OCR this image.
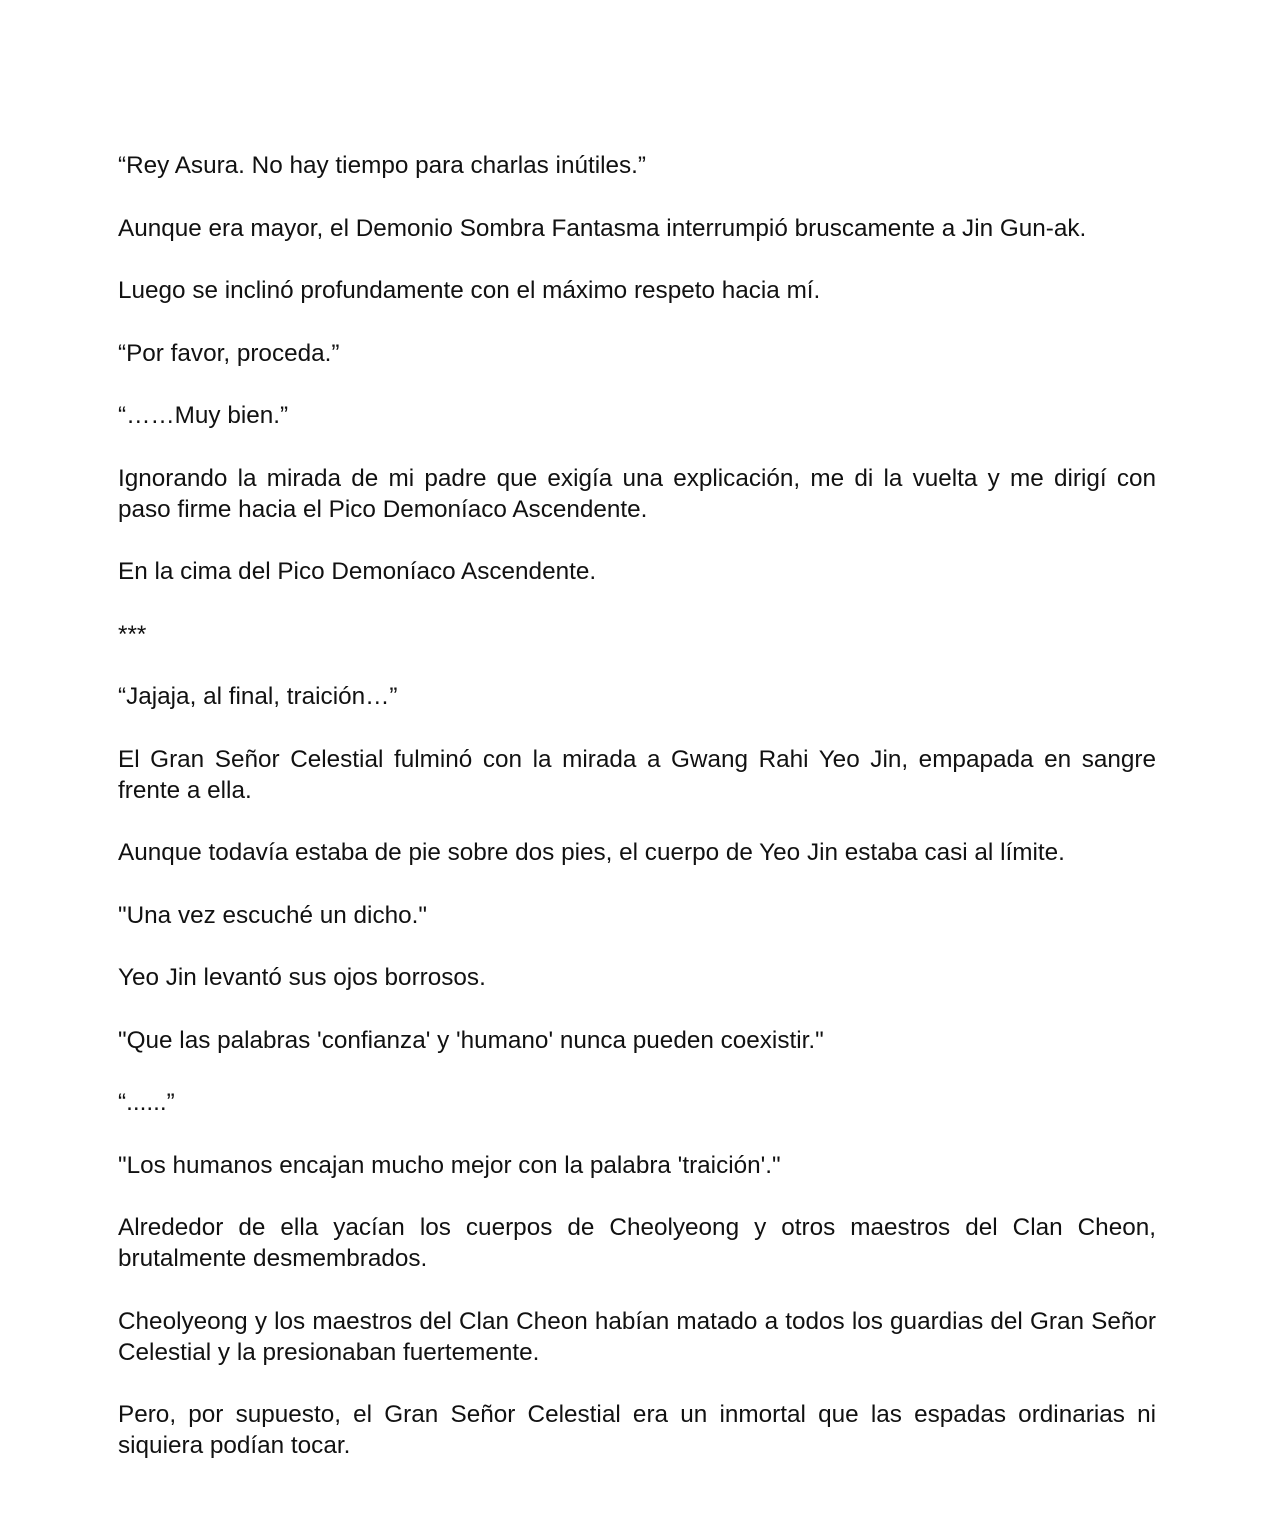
“Rey Asura. No hay tiempo para charlas inútiles.”

Aunque era mayor, el Demonio Sombra Fantasma interrumpió bruscamente a Jin Gun-ak.

Luego se inclinó profundamente con el máximo respeto hacia mí.

“Por favor, proceda.”

“……Muy bien.”

Ignorando la mirada de mi padre que exigía una explicación, me di la vuelta y me dirigí con paso firme hacia el Pico Demoníaco Ascendente.

En la cima del Pico Demoníaco Ascendente.

***

“Jajaja, al final, traición…”

El Gran Señor Celestial fulminó con la mirada a Gwang Rahi Yeo Jin, empapada en sangre frente a ella.

Aunque todavía estaba de pie sobre dos pies, el cuerpo de Yeo Jin estaba casi al límite.

"Una vez escuché un dicho."

Yeo Jin levantó sus ojos borrosos.

"Que las palabras 'confianza' y 'humano' nunca pueden coexistir."

“......”

"Los humanos encajan mucho mejor con la palabra 'traición'."

Alrededor de ella yacían los cuerpos de Cheolyeong y otros maestros del Clan Cheon, brutalmente desmembrados.

Cheolyeong y los maestros del Clan Cheon habían matado a todos los guardias del Gran Señor Celestial y la presionaban fuertemente.

Pero, por supuesto, el Gran Señor Celestial era un inmortal que las espadas ordinarias ni siquiera podían tocar.
